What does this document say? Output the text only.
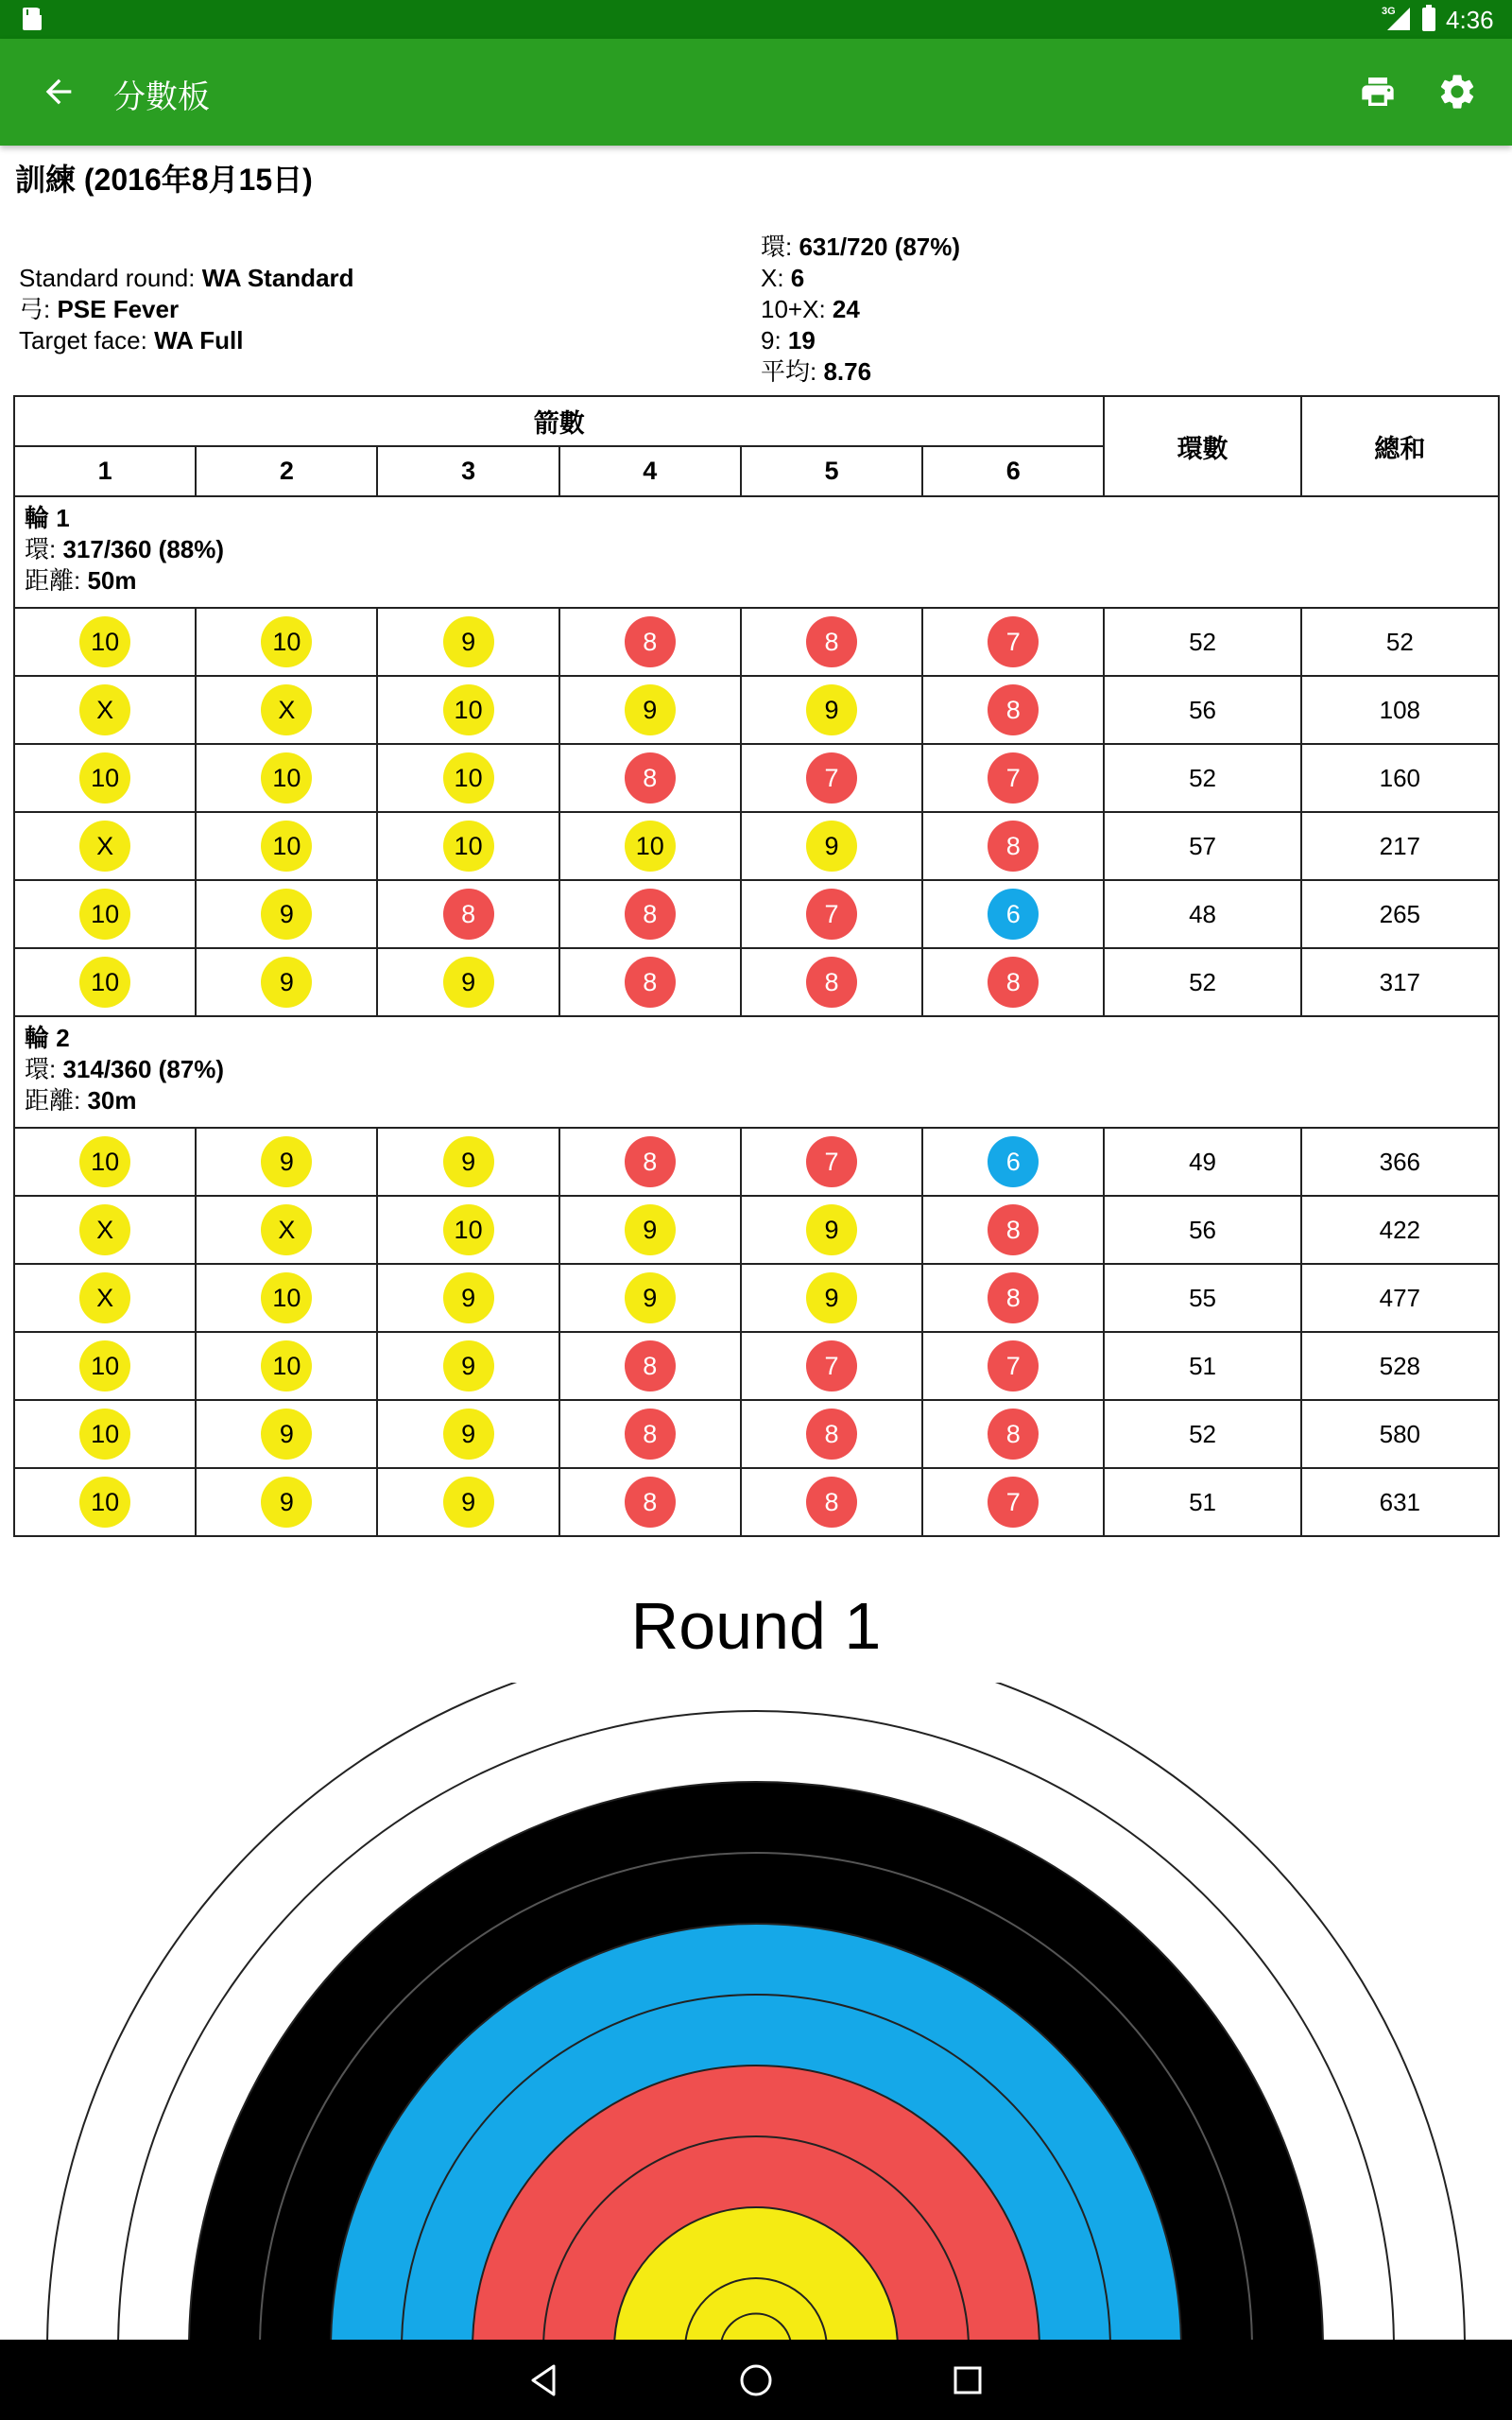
3G 4:36
分數板
訓練 (2016年8月15日)
Standard round: WA Standard
弓: PSE Fever
Target face: WA Full
環: 631/720 (87%)
X: 6
10+X: 24
9: 19
平均: 8.76
箭數						環數	總和
1	2	3	4	5	6		

輪 1
環: 317/360 (88%)
距離: 50m							

10	10	9	8	8	7	52	52
X	X	10	9	9	8	56	108
10	10	10	8	7	7	52	160
X	10	10	10	9	8	57	217
10	9	8	8	7	6	48	265
10	9	9	8	8	8	52	317

輪 2
環: 314/360 (87%)
距離: 30m							

10	9	9	8	7	6	49	366
X	X	10	9	9	8	56	422
X	10	9	9	9	8	55	477
10	10	9	8	7	7	51	528
10	9	9	8	8	8	52	580
10	9	9	8	8	7	51	631
Round 1
